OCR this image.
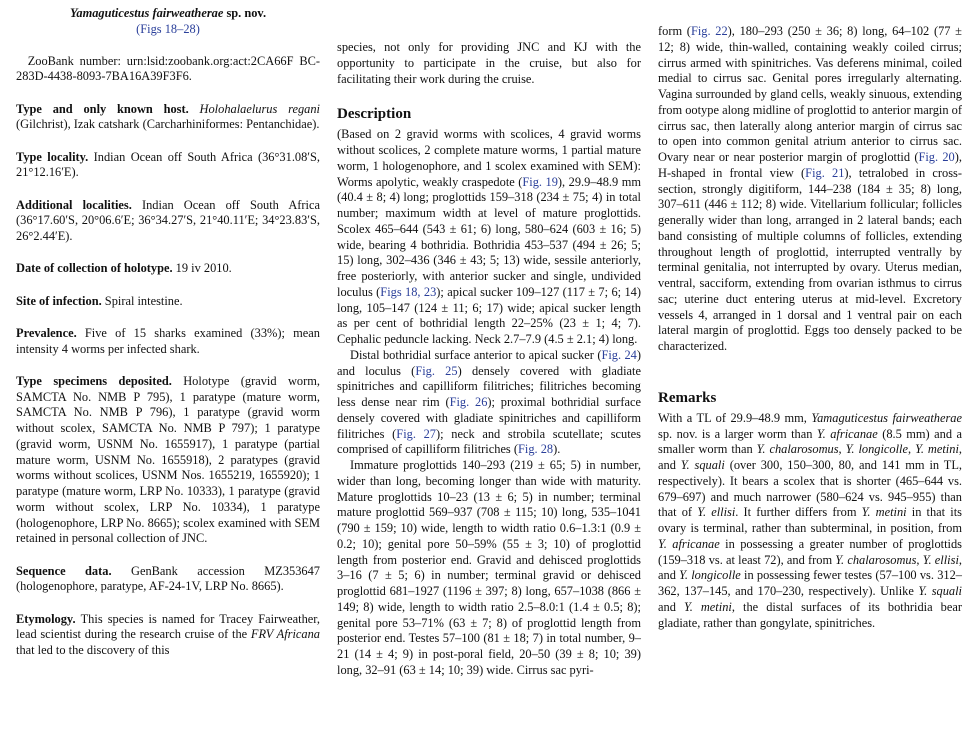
Yamaguticestus fairweatherae sp. nov.

(Figs 18–28)

ZooBank number: urn:lsid:zoobank.org:act:2CA66F BC-283D-4438-8093-7BA16A39F3F6.

Type and only known host. Holohalaelurus regani (Gilchrist), Izak catshark (Carcharhiniformes: Pentanchidae).

Type locality. Indian Ocean off South Africa (36°31.08′S, 21°12.16′E).

Additional localities. Indian Ocean off South Africa (36°17.60′S, 20°06.6′E; 36°34.27′S, 21°40.11′E; 34°23.83′S, 26°2.44′E).

Date of collection of holotype. 19 iv 2010.

Site of infection. Spiral intestine.

Prevalence. Five of 15 sharks examined (33%); mean intensity 4 worms per infected shark.

Type specimens deposited. Holotype (gravid worm, SAMCTA No. NMB P 795), 1 paratype (mature worm, SAMCTA No. NMB P 796), 1 paratype (gravid worm without scolex, SAMCTA No. NMB P 797); 1 paratype (gravid worm, USNM No. 1655917), 1 paratype (partial mature worm, USNM No. 1655918), 2 paratypes (gravid worms without scolices, USNM Nos. 1655219, 1655920); 1 paratype (mature worm, LRP No. 10333), 1 paratype (gravid worm without scolex, LRP No. 10334), 1 paratype (hologenophore, LRP No. 8665); scolex examined with SEM retained in personal collection of JNC.

Sequence data. GenBank accession MZ353647 (hologenophore, paratype, AF-24-1V, LRP No. 8665).

Etymology. This species is named for Tracey Fairweather, lead scientist during the research cruise of the FRV Africana that led to the discovery of this

species, not only for providing JNC and KJ with the opportunity to participate in the cruise, but also for facilitating their work during the cruise.

Description

(Based on 2 gravid worms with scolices, 4 gravid worms without scolices, 2 complete mature worms, 1 partial mature worm, 1 hologenophore, and 1 scolex examined with SEM): Worms apolytic, weakly craspedote (Fig. 19), 29.9–48.9 mm (40.4 ± 8; 4) long; proglottids 159–318 (234 ± 75; 4) in total number; maximum width at level of mature proglottids. Scolex 465–644 (543 ± 61; 6) long, 580–624 (603 ± 16; 5) wide, bearing 4 bothridia. Bothridia 453–537 (494 ± 26; 5; 15) long, 302–436 (346 ± 43; 5; 13) wide, sessile anteriorly, free posteriorly, with anterior sucker and single, undivided loculus (Figs 18, 23); apical sucker 109–127 (117 ± 7; 6; 14) long, 105–147 (124 ± 11; 6; 17) wide; apical sucker length as per cent of bothridial length 22–25% (23 ± 1; 4; 7). Cephalic peduncle lacking. Neck 2.7–7.9 (4.5 ± 2.1; 4) long.

Distal bothridial surface anterior to apical sucker (Fig. 24) and loculus (Fig. 25) densely covered with gladiate spinitriches and capilliform filitriches; filitriches becoming less dense near rim (Fig. 26); proximal bothridial surface densely covered with gladiate spinitriches and capilliform filitriches (Fig. 27); neck and strobila scutellate; scutes comprised of capilliform filitriches (Fig. 28).

Immature proglottids 140–293 (219 ± 65; 5) in number, wider than long, becoming longer than wide with maturity. Mature proglottids 10–23 (13 ± 6; 5) in number; terminal mature proglottid 569–937 (708 ± 115; 10) long, 535–1041 (790 ± 159; 10) wide, length to width ratio 0.6–1.3:1 (0.9 ± 0.2; 10); genital pore 50–59% (55 ± 3; 10) of proglottid length from posterior end. Gravid and dehisced proglottids 3–16 (7 ± 5; 6) in number; terminal gravid or dehisced proglottid 681–1927 (1196 ± 397; 8) long, 657–1038 (866 ± 149; 8) wide, length to width ratio 2.5–8.0:1 (1.4 ± 0.5; 8); genital pore 53–71% (63 ± 7; 8) of proglottid length from posterior end. Testes 57–100 (81 ± 18; 7) in total number, 9–21 (14 ± 4; 9) in post-poral field, 20–50 (39 ± 8; 10; 39) long, 32–91 (63 ± 14; 10; 39) wide. Cirrus sac pyri-

form (Fig. 22), 180–293 (250 ± 36; 8) long, 64–102 (77 ± 12; 8) wide, thin-walled, containing weakly coiled cirrus; cirrus armed with spinitriches. Vas deferens minimal, coiled medial to cirrus sac. Genital pores irregularly alternating. Vagina surrounded by gland cells, weakly sinuous, extending from ootype along midline of proglottid to anterior margin of cirrus sac, then laterally along anterior margin of cirrus sac to open into common genital atrium anterior to cirrus sac. Ovary near or near posterior margin of proglottid (Fig. 20), H-shaped in frontal view (Fig. 21), tetralobed in cross-section, strongly digitiform, 144–238 (184 ± 35; 8) long, 307–611 (446 ± 112; 8) wide. Vitellarium follicular; follicles generally wider than long, arranged in 2 lateral bands; each band consisting of multiple columns of follicles, extending throughout length of proglottid, interrupted ventrally by terminal genitalia, not interrupted by ovary. Uterus median, ventral, sacciform, extending from ovarian isthmus to cirrus sac; uterine duct entering uterus at mid-level. Excretory vessels 4, arranged in 1 dorsal and 1 ventral pair on each lateral margin of proglottid. Eggs too densely packed to be characterized.

Remarks

With a TL of 29.9–48.9 mm, Yamaguticestus fairweatherae sp. nov. is a larger worm than Y. africanae (8.5 mm) and a smaller worm than Y. chalarosomus, Y. longicolle, Y. metini, and Y. squali (over 300, 150–300, 80, and 141 mm in TL, respectively). It bears a scolex that is shorter (465–644 vs. 679–697) and much narrower (580–624 vs. 945–955) than that of Y. ellisi. It further differs from Y. metini in that its ovary is terminal, rather than subterminal, in position, from Y. africanae in possessing a greater number of proglottids (159–318 vs. at least 72), and from Y. chalarosomus, Y. ellisi, and Y. longicolle in possessing fewer testes (57–100 vs. 312–362, 137–145, and 170–230, respectively). Unlike Y. squali and Y. metini, the distal surfaces of its bothridia bear gladiate, rather than gongylate, spinitriches.
